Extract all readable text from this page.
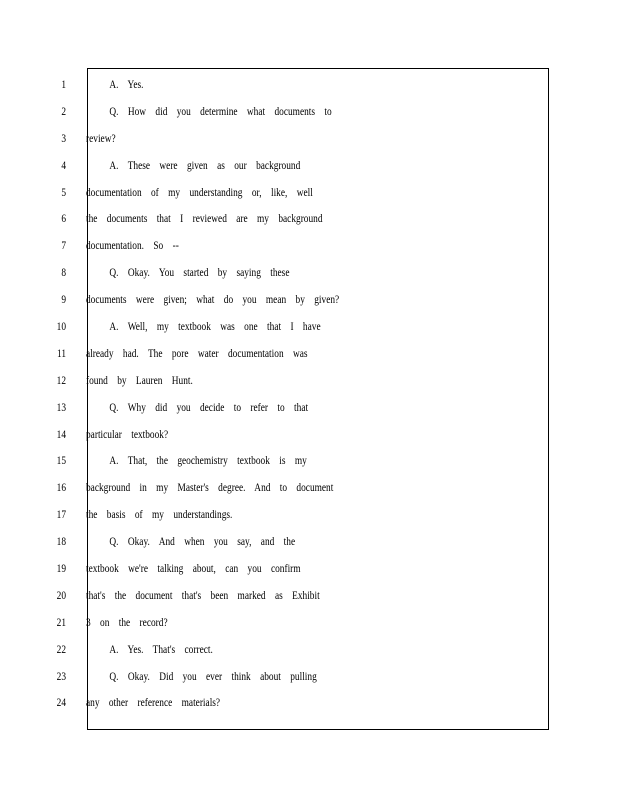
1	A. Yes.
2	Q. How did you determine what documents to
3 review?
4	A. These were given as our background
5 documentation of my understanding or, like, well
6 the documents that I reviewed are my background
7 documentation. So --
8	Q. Okay. You started by saying these
9 documents were given; what do you mean by given?
10	A. Well, my textbook was one that I have
11 already had. The pore water documentation was
12 found by Lauren Hunt.
13	Q. Why did you decide to refer to that
14 particular textbook?
15	A. That, the geochemistry textbook is my
16 background in my Master's degree. And to document
17 the basis of my understandings.
18	Q. Okay. And when you say, and the
19 textbook we're talking about, can you confirm
20 that's the document that's been marked as Exhibit
21 3 on the record?
22	A. Yes. That's correct.
23	Q. Okay. Did you ever think about pulling
24 any other reference materials?
